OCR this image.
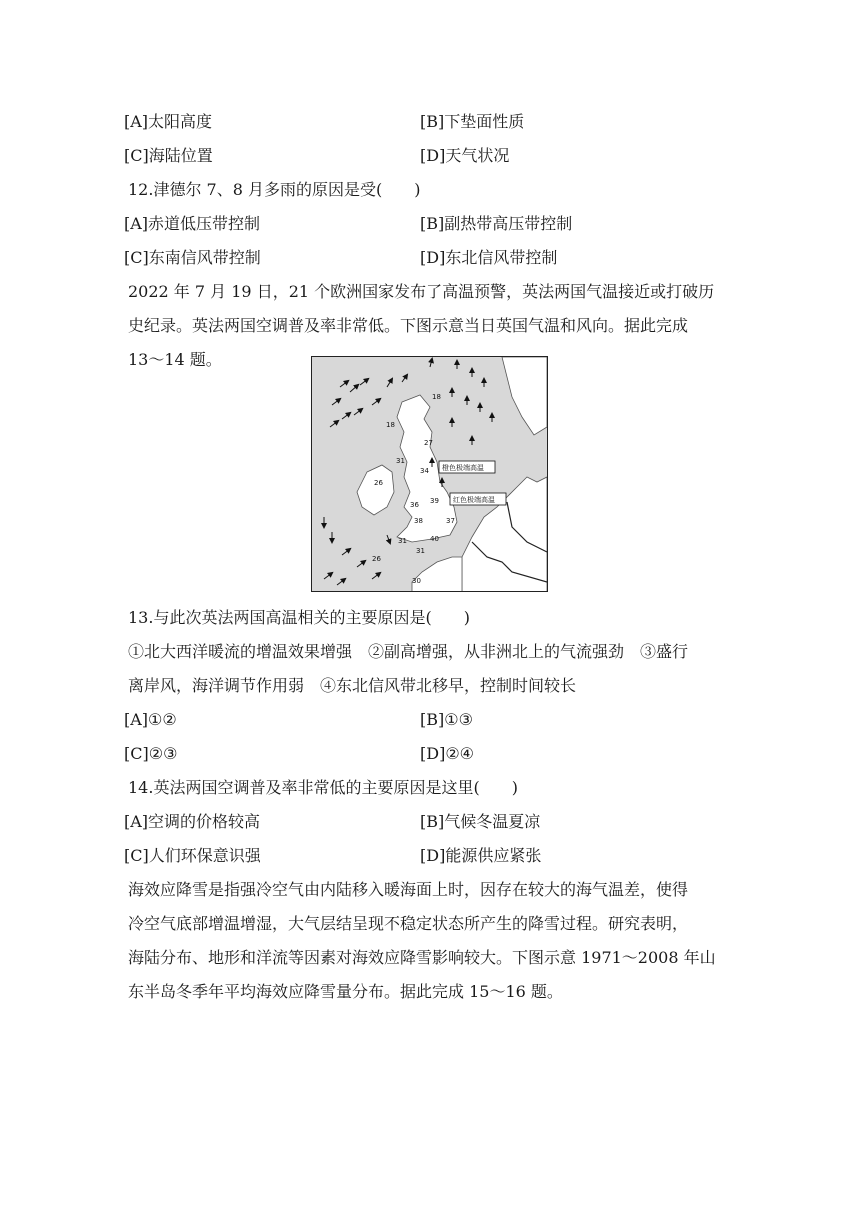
[A]太阳高度	[B]下垫面性质
[C]海陆位置	[D]天气状况
12.津德尔 7、8 月多雨的原因是受(　　)
[A]赤道低压带控制	[B]副热带高压带控制
[C]东南信风带控制	[D]东北信风带控制
2022 年 7 月 19 日，21 个欧洲国家发布了高温预警，英法两国气温接近或打破历
史纪录。英法两国空调普及率非常低。下图示意当日英国气温和风向。据此完成
13～14 题。
18
18
27
31
34
26
39
36
38	37
31	40
31
26
30
橙色极端高温
红色极端高温
13.与此次英法两国高温相关的主要原因是(　　)
①北大西洋暖流的增温效果增强　②副高增强，从非洲北上的气流强劲　③盛行
离岸风，海洋调节作用弱　④东北信风带北移早，控制时间较长
[A]①②	[B]①③
[C]②③	[D]②④
14.英法两国空调普及率非常低的主要原因是这里(　　)
[A]空调的价格较高	[B]气候冬温夏凉
[C]人们环保意识强	[D]能源供应紧张
海效应降雪是指强冷空气由内陆移入暖海面上时，因存在较大的海气温差，使得
冷空气底部增温增湿，大气层结呈现不稳定状态所产生的降雪过程。研究表明，
海陆分布、地形和洋流等因素对海效应降雪影响较大。下图示意 1971～2008 年山
东半岛冬季年平均海效应降雪量分布。据此完成 15～16 题。
